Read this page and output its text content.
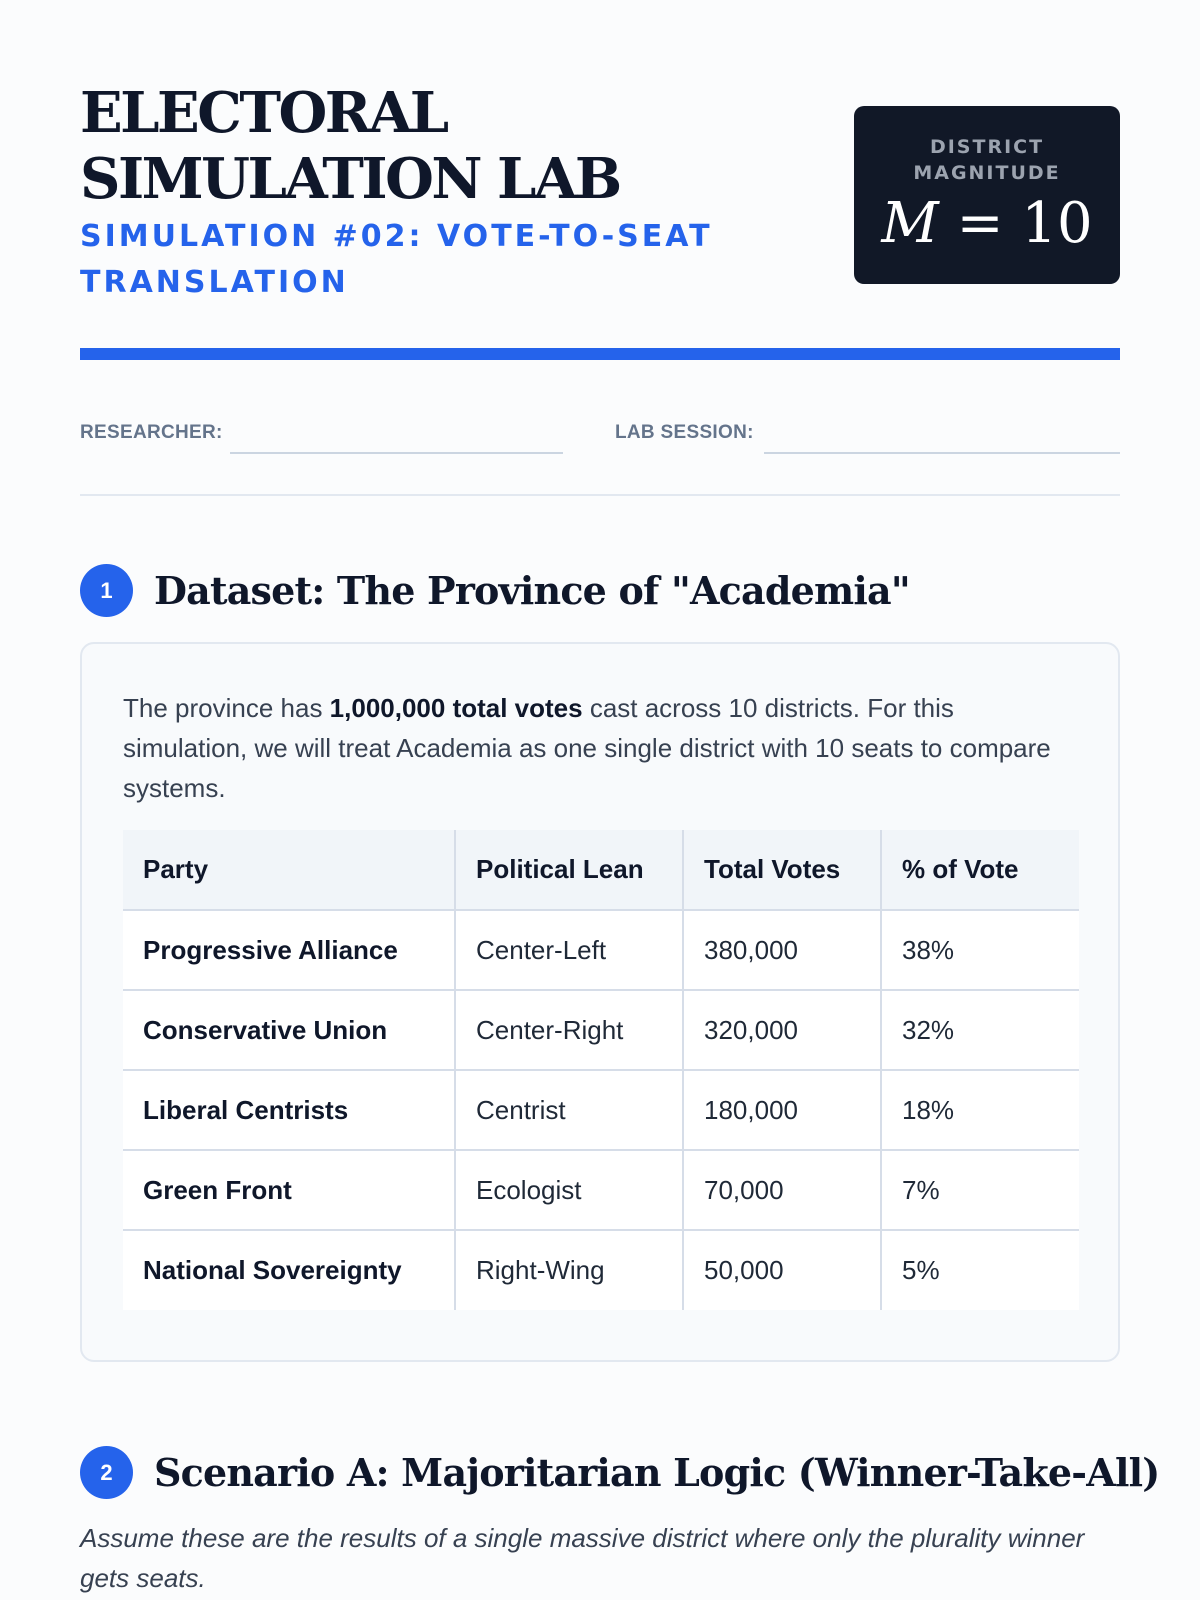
ELECTORAL SIMULATION LAB

SIMULATION #02: VOTE-TO-SEAT TRANSLATION

DISTRICT MAGNITUDE
M = 10
RESEARCHER:	LAB SESSION:
1	Dataset: The Province of "Academia"

The province has 1,000,000 total votes cast across 10 districts. For this simulation, we will treat Academia as one single district with 10 seats to compare systems.

Party	Political Lean	Total Votes	% of Vote
Progressive Alliance	Center-Left	380,000	38%
Conservative Union	Center-Right	320,000	32%
Liberal Centrists	Centrist	180,000	18%
Green Front	Ecologist	70,000	7%
National Sovereignty	Right-Wing	50,000	5%
2	Scenario A: Majoritarian Logic (Winner-Take-All)

Assume these are the results of a single massive district where only the plurality winner gets seats.
